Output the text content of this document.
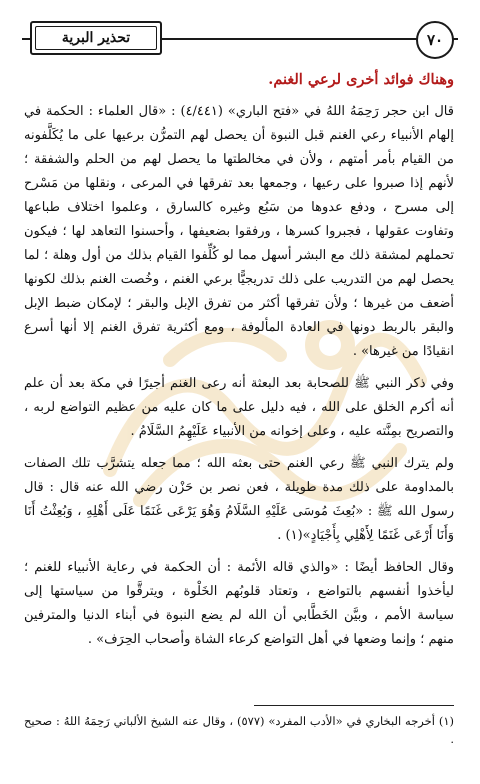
٧٠
تحذير البرية
وهناك فوائد أخرى لرعي الغنم.

قال ابن حجر رَحِمَهُ اللهُ في «فتح الباري» (٤/٤٤١) : «قال العلماء : الحكمة في إلهام الأنبياء رعي الغنم قبل النبوة أن يحصل لهم التمرُّن برعيها على ما يُكَلَّفونه من القيام بأمر أمتهم ، ولأن في مخالطتها ما يحصل لهم من الحلم والشفقة ؛ لأنهم إذا صبروا على رعيها ، وجمعها بعد تفرقها في المرعى ، ونقلها من مَسْرح إلى مسرح ، ودفع عدوها من سَبُع وغيره كالسارق ، وعلموا اختلاف طباعها وتفاوت عقولها ، فجبروا كسرها ، ورفقوا بضعيفها ، وأحسنوا التعاهد لها ؛ فيكون تحملهم لمشقة ذلك مع البشر أسهل مما لو كُلِّفوا القيام بذلك من أول وهلة ؛ لما يحصل لهم من التدريب على ذلك تدريجيًّا برعي الغنم ، وخُصت الغنم بذلك لكونها أضعف من غيرها ؛ ولأن تفرقها أكثر من تفرق الإبل والبقر ؛ لإمكان ضبط الإبل والبقر بالربط دونها في العادة المألوفة ، ومع أكثرية تفرق الغنم إلا أنها أسرع انقيادًا من غيرها» .

وفي ذكر النبي ﷺ للصحابة بعد البعثة أنه رعى الغنم أجيرًا في مكة بعد أن علم أنه أكرم الخلق على الله ، فيه دليل على ما كان عليه من عظيم التواضع لربه ، والتصريح بمِنَّته عليه ، وعلى إخوانه من الأنبياء عَلَيْهِمُ السَّلَامُ .

ولم يترك النبي ﷺ رعي الغنم حتى بعثه الله ؛ مما جعله يتشرَّب تلك الصفات بالمداومة على ذلك مدة طويلة ، فعن نصر بن حَزْن رضي الله عنه قال : قال رسول الله ﷺ : «بُعِثَ مُوسَى عَلَيْهِ السَّلَامُ وَهُوَ يَرْعَى غَنَمًا عَلَى أَهْلِهِ ، وَبُعِثْتُ أَنَا وَأَنَا أَرْعَى غَنَمًا لِأَهْلِي بِأَجْيَادٍ»(١) .

وقال الحافظ أيضًا : «والذي قاله الأئمة : أن الحكمة في رعاية الأنبياء للغنم ؛ ليأخذوا أنفسهم بالتواضع ، وتعتاد قلوبُهم الخَلْوة ، ويترقَّوا من سياستها إلى سياسة الأمم ، وبيَّن الخَطَّابي أن الله لم يضع النبوة في أبناء الدنيا والمترفين منهم ؛ وإنما وضعها في أهل التواضع كرعاء الشاة وأصحاب الحِرَف» .

(١) أخرجه البخاري في «الأدب المفرد» (٥٧٧) ، وقال عنه الشيخ الألباني رَحِمَهُ اللهُ : صحيح .
